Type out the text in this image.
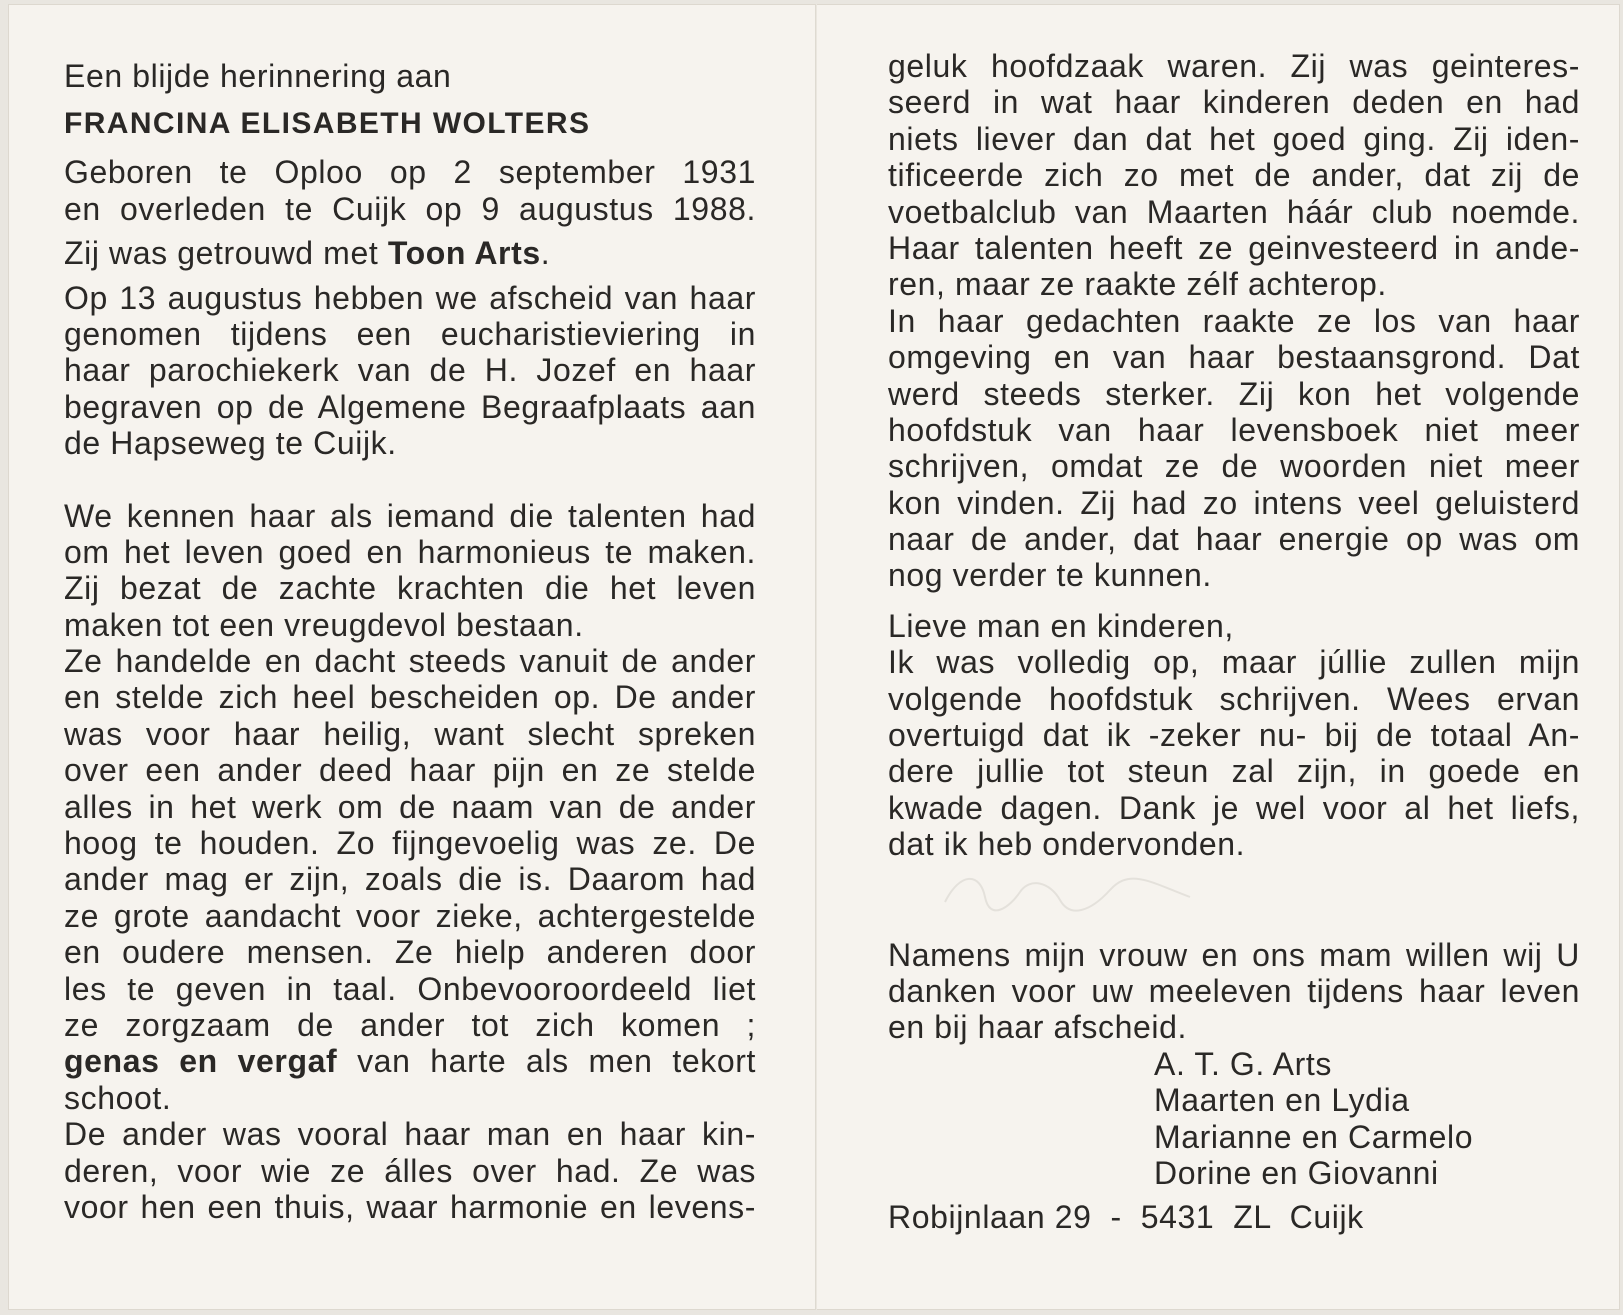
Een blijde herinnering aan
FRANCINA ELISABETH WOLTERS
Geboren te Oploo op 2 september 1931
en overleden te Cuijk op 9 augustus 1988.
Zij was getrouwd met Toon Arts.
Op 13 augustus hebben we afscheid van haar
genomen tijdens een eucharistieviering in
haar parochiekerk van de H. Jozef en haar
begraven op de Algemene Begraafplaats aan
de Hapseweg te Cuijk.
We kennen haar als iemand die talenten had
om het leven goed en harmonieus te maken.
Zij bezat de zachte krachten die het leven
maken tot een vreugdevol bestaan.
Ze handelde en dacht steeds vanuit de ander
en stelde zich heel bescheiden op. De ander
was voor haar heilig, want slecht spreken
over een ander deed haar pijn en ze stelde
alles in het werk om de naam van de ander
hoog te houden. Zo fijngevoelig was ze. De
ander mag er zijn, zoals die is. Daarom had
ze grote aandacht voor zieke, achtergestelde
en oudere mensen. Ze hielp anderen door
les te geven in taal. Onbevooroordeeld liet
ze zorgzaam de ander tot zich komen ;
genas en vergaf van harte als men tekort
schoot.
De ander was vooral haar man en haar kin-
deren, voor wie ze álles over had. Ze was
voor hen een thuis, waar harmonie en levens-
geluk hoofdzaak waren. Zij was geinteres-
seerd in wat haar kinderen deden en had
niets liever dan dat het goed ging. Zij iden-
tificeerde zich zo met de ander, dat zij de
voetbalclub van Maarten háár club noemde.
Haar talenten heeft ze geinvesteerd in ande-
ren, maar ze raakte zélf achterop.
In haar gedachten raakte ze los van haar
omgeving en van haar bestaansgrond. Dat
werd steeds sterker. Zij kon het volgende
hoofdstuk van haar levensboek niet meer
schrijven, omdat ze de woorden niet meer
kon vinden. Zij had zo intens veel geluisterd
naar de ander, dat haar energie op was om
nog verder te kunnen.
Lieve man en kinderen,
Ik was volledig op, maar júllie zullen mijn
volgende hoofdstuk schrijven. Wees ervan
overtuigd dat ik -zeker nu- bij de totaal An-
dere jullie tot steun zal zijn, in goede en
kwade dagen. Dank je wel voor al het liefs,
dat ik heb ondervonden.
Namens mijn vrouw en ons mam willen wij U
danken voor uw meeleven tijdens haar leven
en bij haar afscheid.
A. T. G. Arts
Maarten en Lydia
Marianne en Carmelo
Dorine en Giovanni
Robijnlaan 29  -  5431  ZL  Cuijk
